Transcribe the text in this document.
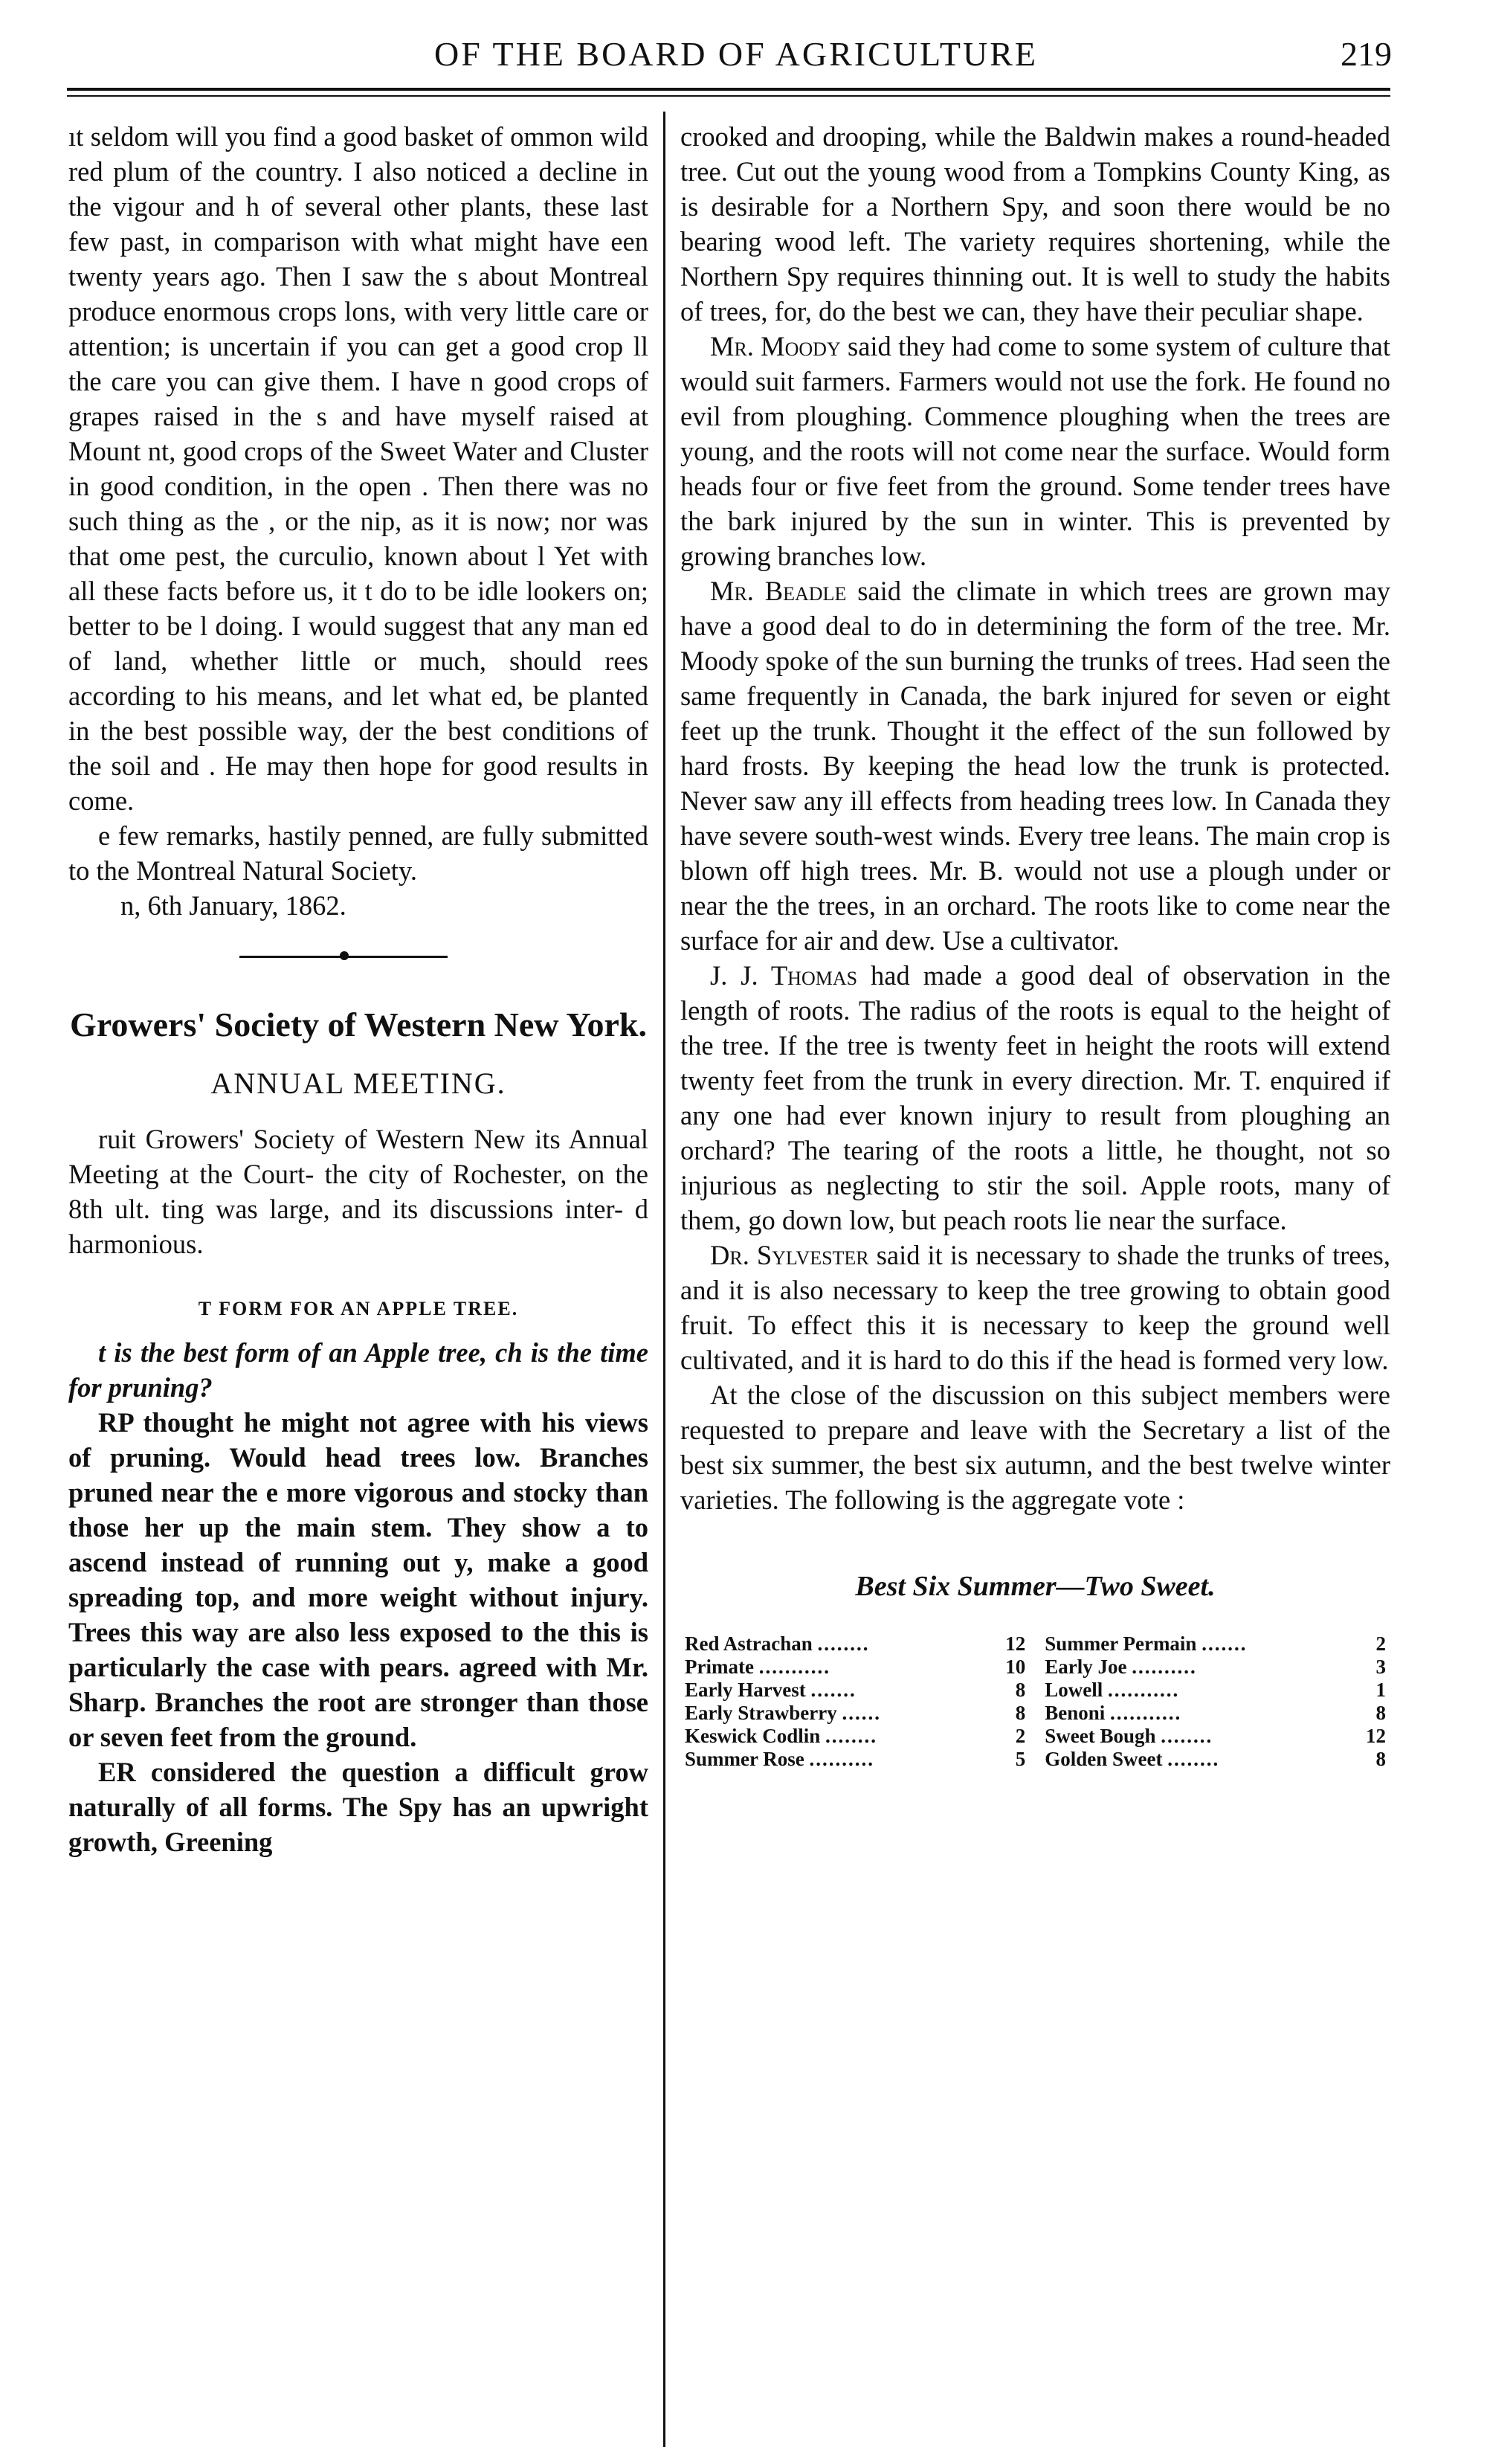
OF THE BOARD OF AGRICULTURE	219

ıt seldom will you find a good basket of ommon wild red plum of the country. I also noticed a decline in the vigour and h of several other plants, these last few past, in comparison with what might have een twenty years ago. Then I saw the s about Montreal produce enormous crops lons, with very little care or attention; is uncertain if you can get a good crop ll the care you can give them. I have n good crops of grapes raised in the s and have myself raised at Mount nt, good crops of the Sweet Water and Cluster in good condition, in the open . Then there was no such thing as the , or the nip, as it is now; nor was that ome pest, the curculio, known about l Yet with all these facts before us, it t do to be idle lookers on; better to be l doing. I would suggest that any man ed of land, whether little or much, should rees according to his means, and let what ed, be planted in the best possible way, der the best conditions of the soil and . He may then hope for good results in come.

e few remarks, hastily penned, are fully submitted to the Montreal Natural Society.

n, 6th January, 1862.

Growers' Society of Western New York.
ANNUAL MEETING.

ruit Growers' Society of Western New its Annual Meeting at the Court- the city of Rochester, on the 8th ult. ting was large, and its discussions inter- d harmonious.

T FORM FOR AN APPLE TREE.

t is the best form of an Apple tree, ch is the time for pruning?

RP thought he might not agree with his views of pruning. Would head trees low. Branches pruned near the e more vigorous and stocky than those her up the main stem. They show a to ascend instead of running out y, make a good spreading top, and more weight without injury. Trees this way are also less exposed to the this is particularly the case with pears. agreed with Mr. Sharp. Branches the root are stronger than those or seven feet from the ground.

ER considered the question a difficult grow naturally of all forms. The Spy has an upwright growth, Greening

crooked and drooping, while the Baldwin makes a round-headed tree. Cut out the young wood from a Tompkins County King, as is desirable for a Northern Spy, and soon there would be no bearing wood left. The variety requires shortening, while the Northern Spy requires thinning out. It is well to study the habits of trees, for, do the best we can, they have their peculiar shape.

Mr. Moody said they had come to some system of culture that would suit farmers. Farmers would not use the fork. He found no evil from ploughing. Commence ploughing when the trees are young, and the roots will not come near the surface. Would form heads four or five feet from the ground. Some tender trees have the bark injured by the sun in winter. This is prevented by growing branches low.

Mr. Beadle said the climate in which trees are grown may have a good deal to do in determining the form of the tree. Mr. Moody spoke of the sun burning the trunks of trees. Had seen the same frequently in Canada, the bark injured for seven or eight feet up the trunk. Thought it the effect of the sun followed by hard frosts. By keeping the head low the trunk is protected. Never saw any ill effects from heading trees low. In Canada they have severe south-west winds. Every tree leans. The main crop is blown off high trees. Mr. B. would not use a plough under or near the the trees, in an orchard. The roots like to come near the surface for air and dew. Use a cultivator.

J. J. Thomas had made a good deal of observation in the length of roots. The radius of the roots is equal to the height of the tree. If the tree is twenty feet in height the roots will extend twenty feet from the trunk in every direction. Mr. T. enquired if any one had ever known injury to result from ploughing an orchard? The tearing of the roots a little, he thought, not so injurious as neglecting to stir the soil. Apple roots, many of them, go down low, but peach roots lie near the surface.

Dr. Sylvester said it is necessary to shade the trunks of trees, and it is also necessary to keep the tree growing to obtain good fruit. To effect this it is necessary to keep the ground well cultivated, and it is hard to do this if the head is formed very low.

At the close of the discussion on this subject members were requested to prepare and leave with the Secretary a list of the best six summer, the best six autumn, and the best twelve winter varieties. The following is the aggregate vote :

Best Six Summer—Two Sweet.
Red Astrachan ........	12	Summer Permain .......	2
Primate ...........	10	Early Joe ..........	3
Early Harvest .......	8	Lowell ...........	1
Early Strawberry ......	8	Benoni ...........	8
Keswick Codlin ........	2	Sweet Bough ........	12
Summer Rose ..........	5	Golden Sweet ........	8
